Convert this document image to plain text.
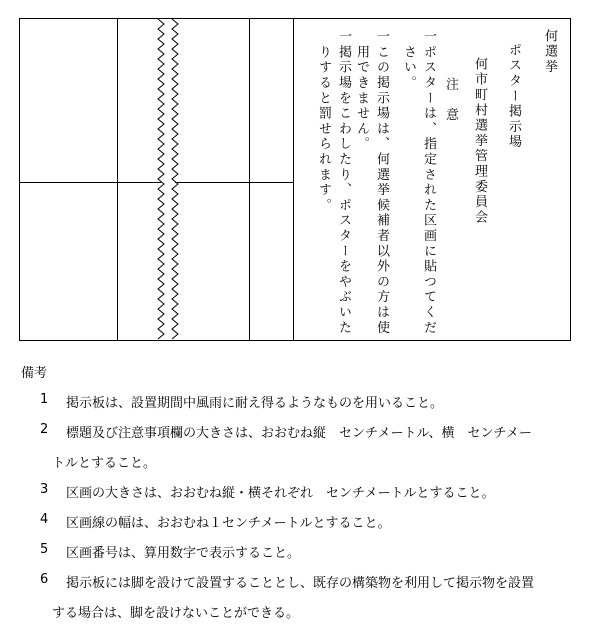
何選挙
ポスター掲示場
何市町村選挙管理委員会
注　意
一
ポスターは、指定された区画に貼つてくだ
さい。
一
この掲示場は、何選挙候補者以外の方は使
用できません。
一
掲示場をこわしたり、ポスターをやぶいた
りすると罰せられます。
備考
1 掲示板は、設置期間中風雨に耐え得るようなものを用いること。
2 標題及び注意事項欄の大きさは、おおむね縦　センチメートル、横　センチメー
トルとすること。
3 区画の大きさは、おおむね縦・横それぞれ　センチメートルとすること。
4 区画線の幅は、おおむね１センチメートルとすること。
5 区画番号は、算用数字で表示すること。
6 掲示板には脚を設けて設置することとし、既存の構築物を利用して掲示物を設置
する場合は、脚を設けないことができる。
